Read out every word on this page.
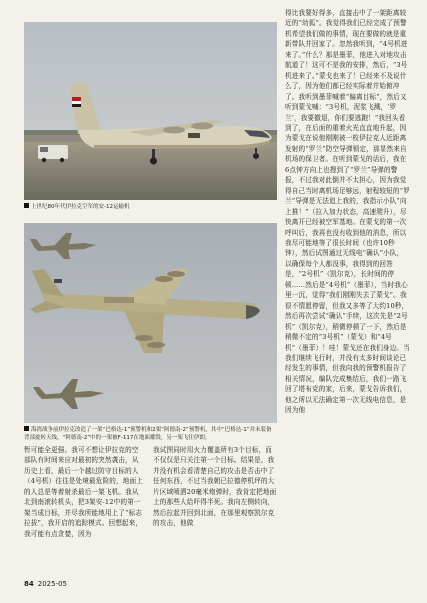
上世纪80年代伊拉克空军的安-12运输机
海湾战争前伊拉克改造了一架“巴格达-1”预警机和2架“阿德南-2”预警机，其中“巴格达-1”并未装备背部旋转天线，“阿德南-2”中的一架被F-117在地面摧毁，另一架飞往伊朗。

得比我要好得多，直接击中了一架距离较近的“幼狐”。我觉得我们已经完成了预警机希望我们做的事情，现在要做的就是重新带队并回家了。忽然我听到，“4号机进来了。”什么？那是墨菲，他进入对地攻击航道了！这可不是我的安排，然后，“3号机进来了。”蒙戈也来了！已经来不及说什么了，因为他们都已经实际着并始俯冲了。我听到墨菲喊着“偏离目标”，然后又听到蒙戈喊：“3号机，泥浆飞溅，‘罗兰’，我要撤退，你们要逃跑！”我回头看到了，在后面的重着火光直直地升起，因为蒙戈在说他刚刚被一枚伊拉克人近距离发射的“罗兰”防空导弹锁定，那显然来自机场的保卫者。在听到蒙戈的话后，我在6点钟方向上也搜到了“罗兰”导弹的警报，不过我对此倒并不太担心，因为我觉得自己当时离机场足够远，射程较短的“罗兰”导弹是无法追上我的，我指示小队“向上推！”（拉入加力状态，高速爬升），尽快离开已经被空军基地。在蒙戈的第一次呼叫后，我再也没有收到他的消息，所以我尽可能地等了很长时间（也许10秒钟），然后试图通过无线电“确认”小队，以确保每个人都没事，我得到的回答是，“2号机”（凯尔克），长时间的停顿……然后是“4号机”（墨菲），当时我心里一沉，觉得“我们刚刚失去了蒙戈”。我很不情愿停留，但我又多等了大约10秒，然后再次尝试“确认”手续，这次先是“2号机”（凯尔克），稍微停顿了一下，然后是稍微不定的“3号机”（蒙戈）和“4号机”（墨菲）！哇！蒙戈还在我们身边。当我们继续飞行时，并没有太多时间谈论已经发生的事情，但我向我的预警机报告了相关情况，编队完成集结后，我们一路飞回了塔布克的家，后来，蒙戈告诉我们，他之所以无法确定第一次无线电信息，是因为他

暂可能全更强。我可不想让伊拉克的空部队有时间来应对最初的突然袭击，从历史上看，最后一个越过防守目标的人（4号机）往往是处境最危险的，地面上的人总是等着射杀最后一架飞机。我从北到南滚转机头，把3架安-12中的第一架当成目标，并尽我所能地用上了“标志拉拔”，我开启的追踪模式。回想起来，我可能有点贪婪，因为

我试图同时用火力覆盖所有3个目标，而不仅仅是只关注第一个目标。结果是，我并没有机会看清楚自己的攻击是否击中了任何东西，不过当我朝已拉德停机坪的大片区域喷洒20毫米炮弹时，我肯定把地面上的那些人给吓得半死。我向左侧转向，然后拉起并回到北面，在那里观察凯尔克的攻击，他做

84 2025-05
